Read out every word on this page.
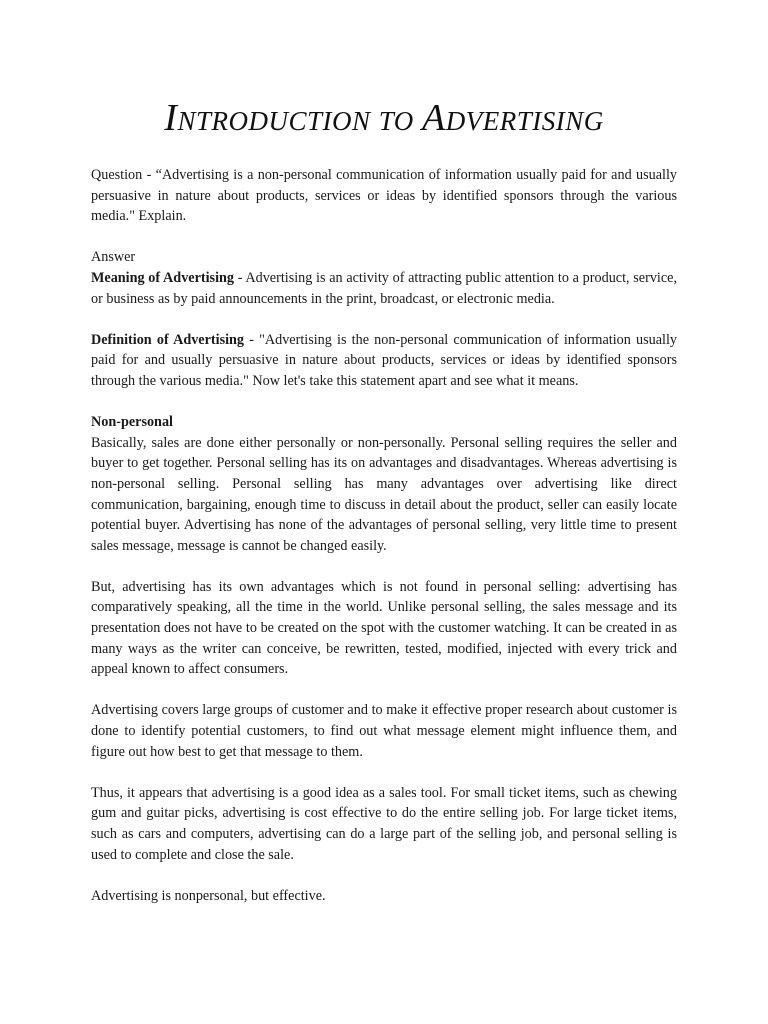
INTRODUCTION TO ADVERTISING

Question - “Advertising is a non-personal communication of information usually paid for and usually persuasive in nature about products, services or ideas by identified sponsors through the various media." Explain.

Answer

Meaning of Advertising - Advertising is an activity of attracting public attention to a product, service, or business as by paid announcements in the print, broadcast, or electronic media.

Definition of Advertising - "Advertising is the non-personal communication of information usually paid for and usually persuasive in nature about products, services or ideas by identified sponsors through the various media." Now let's take this statement apart and see what it means.

Non-personal

Basically, sales are done either personally or non-personally. Personal selling requires the seller and buyer to get together. Personal selling has its on advantages and disadvantages. Whereas advertising is non-personal selling. Personal selling has many advantages over advertising like direct communication, bargaining, enough time to discuss in detail about the product, seller can easily locate potential buyer. Advertising has none of the advantages of personal selling, very little time to present sales message, message is cannot be changed easily.

But, advertising has its own advantages which is not found in personal selling: advertising has comparatively speaking, all the time in the world. Unlike personal selling, the sales message and its presentation does not have to be created on the spot with the customer watching. It can be created in as many ways as the writer can conceive, be rewritten, tested, modified, injected with every trick and appeal known to affect consumers.

Advertising covers large groups of customer and to make it effective proper research about customer is done to identify potential customers, to find out what message element might influence them, and figure out how best to get that message to them.

Thus, it appears that advertising is a good idea as a sales tool. For small ticket items, such as chewing gum and guitar picks, advertising is cost effective to do the entire selling job. For large ticket items, such as cars and computers, advertising can do a large part of the selling job, and personal selling is used to complete and close the sale.

Advertising is nonpersonal, but effective.
